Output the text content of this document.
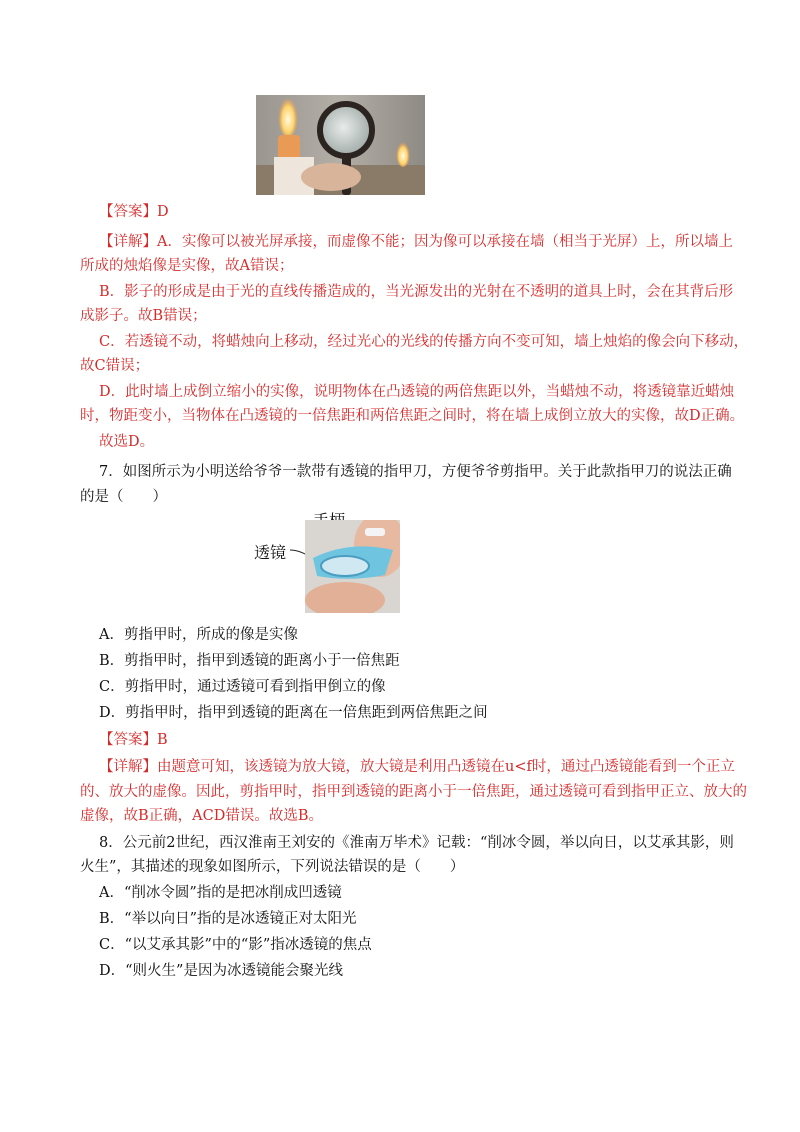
【答案】D
【详解】A．实像可以被光屏承接，而虚像不能；因为像可以承接在墙（相当于光屏）上，所以墙上
所成的烛焰像是实像，故A错误；
B．影子的形成是由于光的直线传播造成的，当光源发出的光射在不透明的道具上时，会在其背后形
成影子。故B错误；
C．若透镜不动，将蜡烛向上移动，经过光心的光线的传播方向不变可知，墙上烛焰的像会向下移动，
故C错误；
D．此时墙上成倒立缩小的实像，说明物体在凸透镜的两倍焦距以外，当蜡烛不动，将透镜靠近蜡烛
时，物距变小，当物体在凸透镜的一倍焦距和两倍焦距之间时，将在墙上成倒立放大的实像，故D正确。
故选D。
7．如图所示为小明送给爷爷一款带有透镜的指甲刀，方便爷爷剪指甲。关于此款指甲刀的说法正确
的是（　　）
透镜
A．剪指甲时，所成的像是实像
B．剪指甲时，指甲到透镜的距离小于一倍焦距
C．剪指甲时，通过透镜可看到指甲倒立的像
D．剪指甲时，指甲到透镜的距离在一倍焦距到两倍焦距之间
【答案】B
【详解】由题意可知，该透镜为放大镜，放大镜是利用凸透镜在u<f时，通过凸透镜能看到一个正立
的、放大的虚像。因此，剪指甲时，指甲到透镜的距离小于一倍焦距，通过透镜可看到指甲正立、放大的
虚像，故B正确，ACD错误。故选B。
8．公元前2世纪，西汉淮南王刘安的《淮南万毕术》记载：“削冰令圆，举以向日，以艾承其影，则
火生”，其描述的现象如图所示，下列说法错误的是（　　）
A．“削冰令圆”指的是把冰削成凹透镜
B．“举以向日”指的是冰透镜正对太阳光
C．“以艾承其影”中的“影”指冰透镜的焦点
D．“则火生”是因为冰透镜能会聚光线
